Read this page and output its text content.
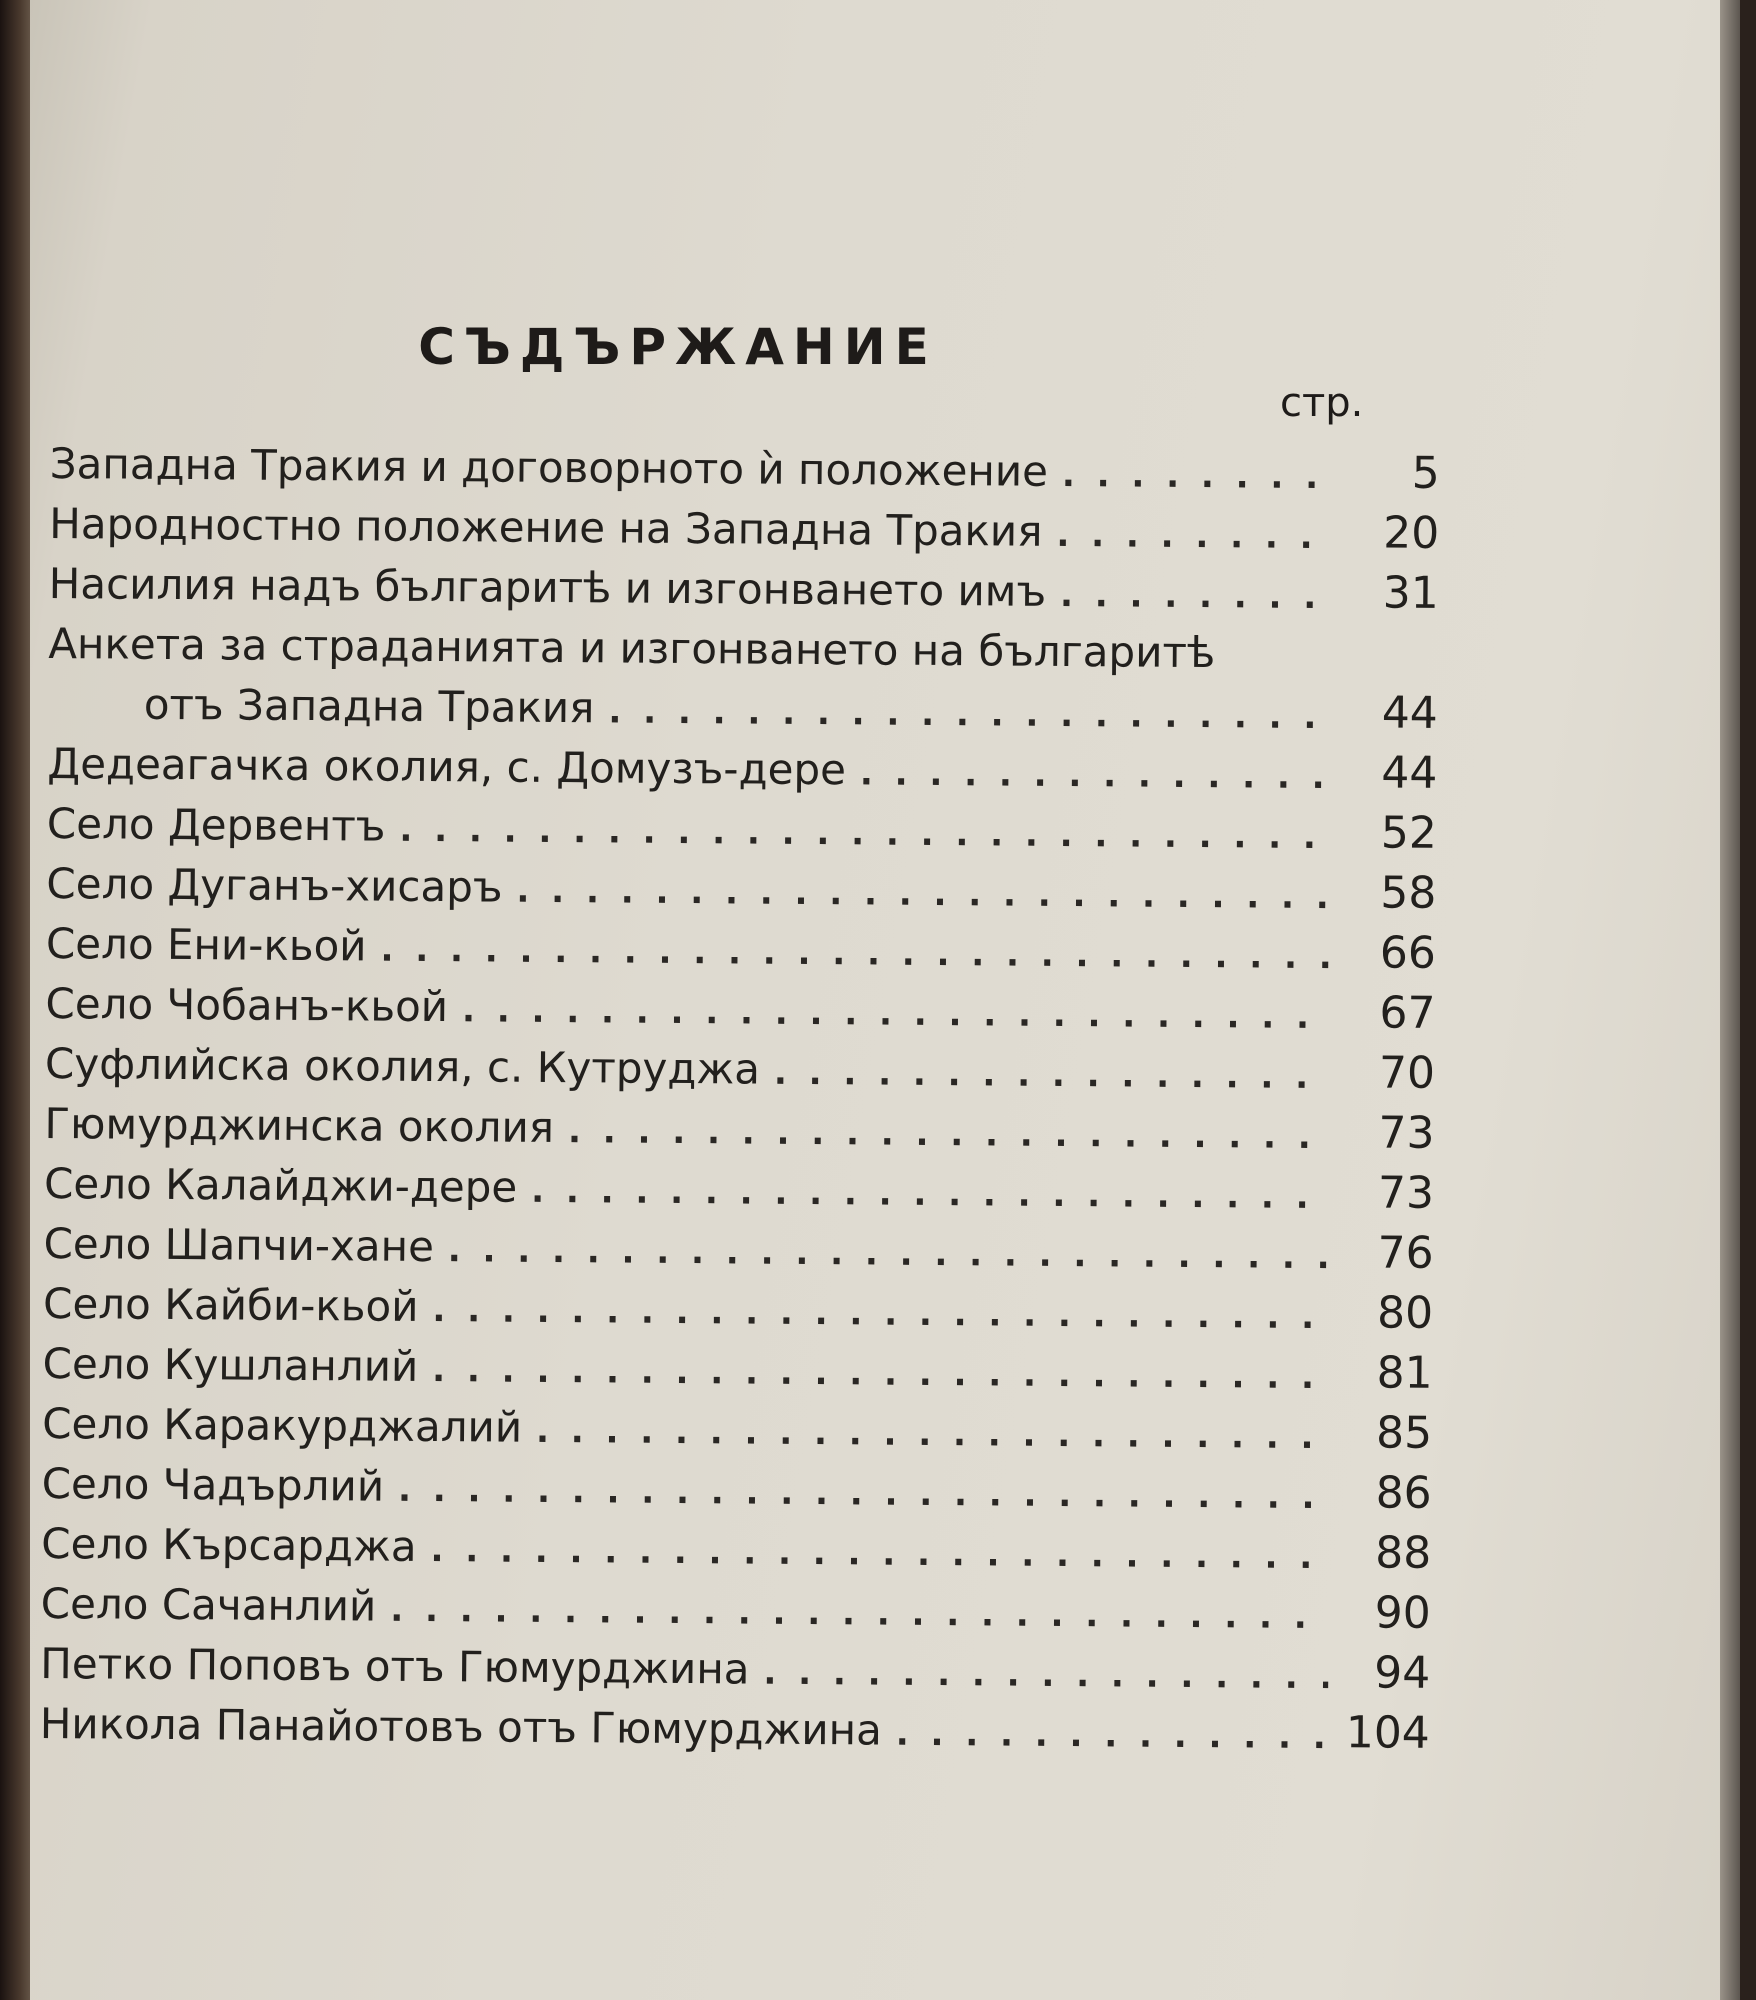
СЪДЪРЖАНИЕ
стр.
Западна Тракия и договорното ѝ положение . . .	5
Народностно положение на Западна Тракия . . .	20
Насилия надъ българитѣ и изгонването имъ . . .	31
Анкета за страданията и изгонването на българитѣ
отъ Западна Тракия . . .	44
Дедеагачка околия, с. Домузъ-дере . . .	44
Село Дервентъ . . .	52
Село Дуганъ-хисаръ . . .	58
Село Ени-кьой . . .	66
Село Чобанъ-кьой . . .	67
Суфлийска околия, с. Кутруджа . . .	70
Гюмурджинска околия . . .	73
Село Калайджи-дере . . .	73
Село Шапчи-хане . . .	76
Село Кайби-кьой . . .	80
Село Кушланлий . . .	81
Село Каракурджалий . . .	85
Село Чадърлий . . .	86
Село Кърсарджа . . .	88
Село Сачанлий . . .	90
Петко Поповъ отъ Гюмурджина . . .	94
Никола Панайотовъ отъ Гюмурджина . . .	104
